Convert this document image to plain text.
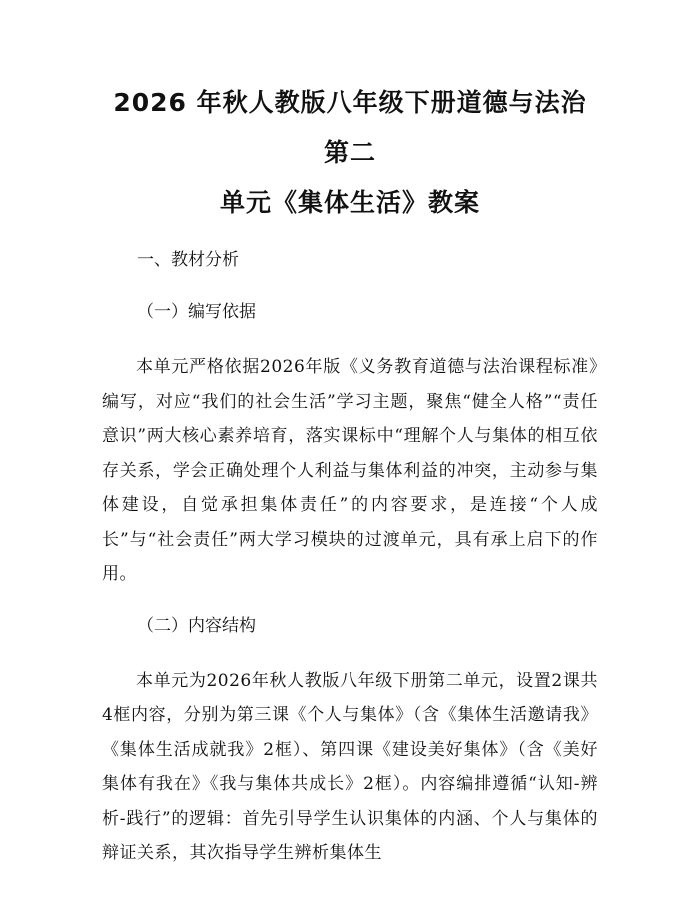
2026 年秋人教版八年级下册道德与法治第二
单元《集体生活》教案
一、教材分析
（一）编写依据

本单元严格依据2026年版《义务教育道德与法治课程标准》编写，对应“我们的社会生活”学习主题，聚焦“健全人格”“责任意识”两大核心素养培育，落实课标中“理解个人与集体的相互依存关系，学会正确处理个人利益与集体利益的冲突，主动参与集体建设，自觉承担集体责任”的内容要求，是连接“个人成长”与“社会责任”两大学习模块的过渡单元，具有承上启下的作用。

（二）内容结构

本单元为2026年秋人教版八年级下册第二单元，设置2课共4框内容，分别为第三课《个人与集体》（含《集体生活邀请我》《集体生活成就我》2框）、第四课《建设美好集体》（含《美好集体有我在》《我与集体共成长》2框）。内容编排遵循“认知-辨析-践行”的逻辑：首先引导学生认识集体的内涵、个人与集体的辩证关系，其次指导学生辨析集体生
